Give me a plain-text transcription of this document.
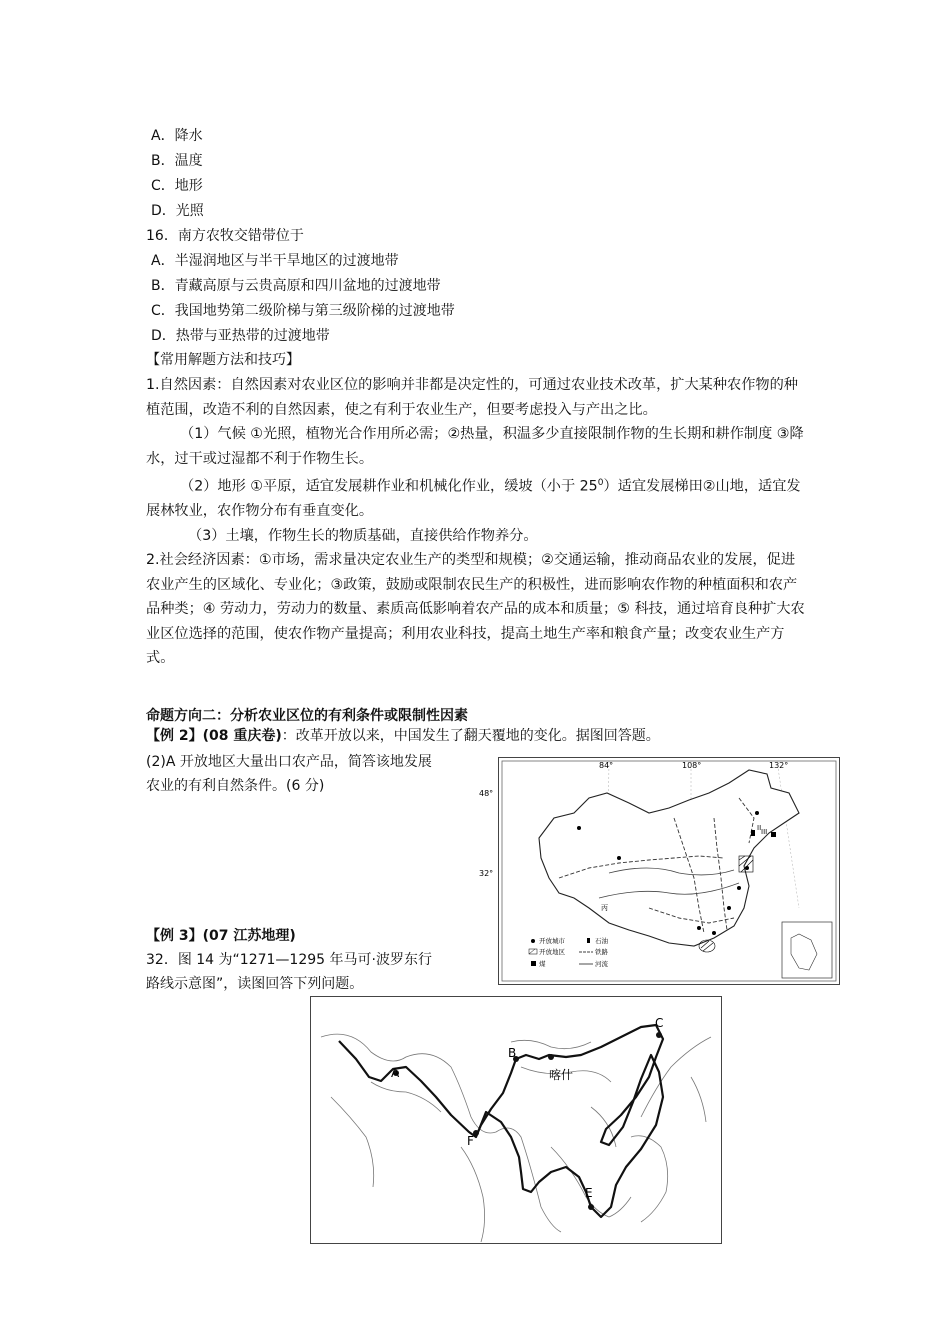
A．降水
B．温度
C．地形
D．光照
16．南方农牧交错带位于
A．半湿润地区与半干旱地区的过渡地带
B．青藏高原与云贵高原和四川盆地的过渡地带
C．我国地势第二级阶梯与第三级阶梯的过渡地带
D．热带与亚热带的过渡地带
【常用解题方法和技巧】

1.自然因素：自然因素对农业区位的影响并非都是决定性的，可通过农业技术改革，扩大某种农作物的种植范围，改造不利的自然因素，使之有利于农业生产，但要考虑投入与产出之比。

（1）气候 ①光照，植物光合作用所必需；②热量，积温多少直接限制作物的生长期和耕作制度 ③降水，过干或过湿都不利于作物生长。

（2）地形 ①平原，适宜发展耕作业和机械化作业，缓坡（小于 $25^0$）适宜发展梯田②山地，适宜发展林牧业，农作物分布有垂直变化。

（3）土壤，作物生长的物质基础，直接供给作物养分。

2.社会经济因素：①市场，需求量决定农业生产的类型和规模；②交通运输，推动商品农业的发展，促进农业产生的区域化、专业化；③政策，鼓励或限制农民生产的积极性，进而影响农作物的种植面积和农产品种类；④ 劳动力，劳动力的数量、素质高低影响着农产品的成本和质量；⑤ 科技，通过培育良种扩大农业区位选择的范围，使农作物产量提高；利用农业科技，提高土地生产率和粮食产量；改变农业生产方式。

命题方向二：分析农业区位的有利条件或限制性因素
【例 2】(08 重庆卷)：改革开放以来，中国发生了翻天覆地的变化。据图回答题。
(2)A 开放地区大量出口农产品，简答该地发展
农业的有利自然条件。(6 分)
84°	108°	132°
48°
32°
III
II
丙
开放城市	石油
开放地区	铁路
煤	河流
【例 3】(07 江苏地理)
32．图 14 为“1271—1295 年马可·波罗东行
路线示意图”，读图回答下列问题。
A
B
C
E
F
喀什
